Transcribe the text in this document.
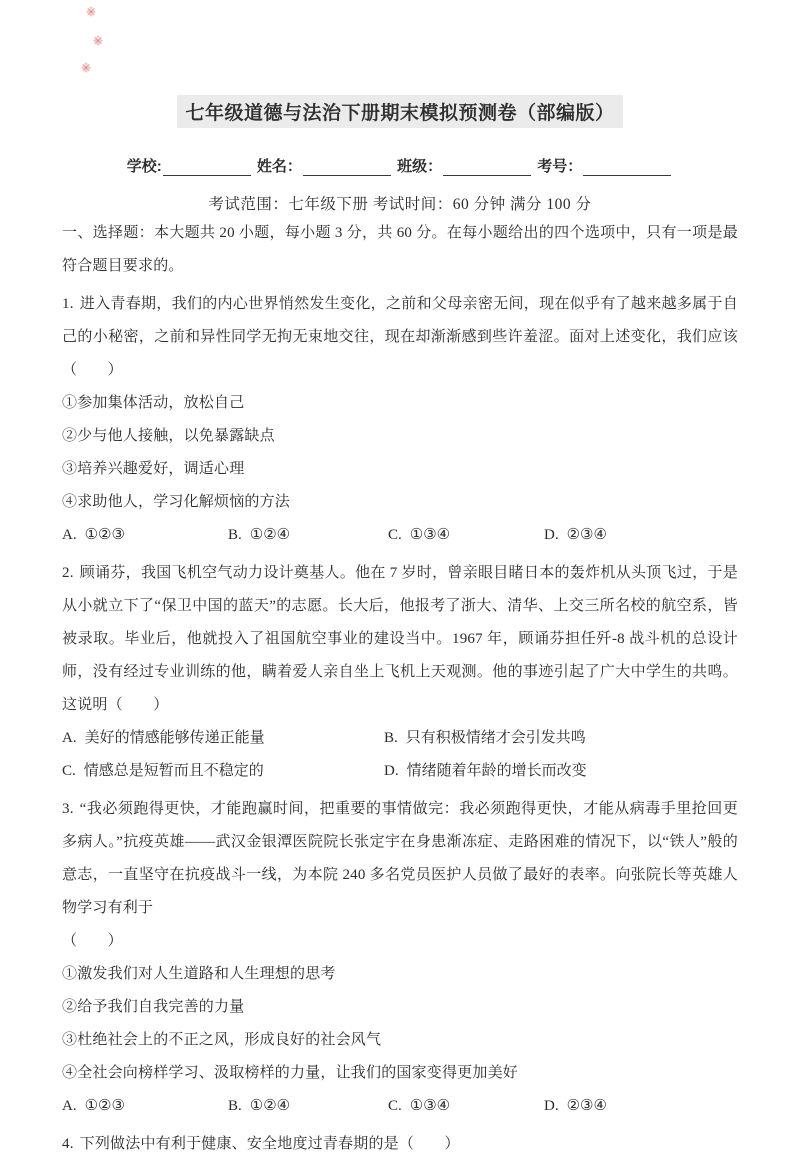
※
※
※
七年级道德与法治下册期末模拟预测卷（部编版）
学校:	姓名：	班级：	考号：
考试范围：七年级下册 考试时间：60 分钟 满分 100 分

一、选择题：本大题共 20 小题，每小题 3 分，共 60 分。在每小题给出的四个选项中，只有一项是最符合题目要求的。

1. 进入青春期，我们的内心世界悄然发生变化，之前和父母亲密无间，现在似乎有了越来越多属于自己的小秘密，之前和异性同学无拘无束地交往，现在却渐渐感到些许羞涩。面对上述变化，我们应该（　　）

①参加集体活动，放松自己

②少与他人接触，以免暴露缺点

③培养兴趣爱好，调适心理

④求助他人，学习化解烦恼的方法

A. ①②③	B. ①②④	C. ①③④	D. ②③④

2. 顾诵芬，我国飞机空气动力设计奠基人。他在 7 岁时，曾亲眼目睹日本的轰炸机从头顶飞过，于是从小就立下了“保卫中国的蓝天”的志愿。长大后，他报考了浙大、清华、上交三所名校的航空系，皆被录取。毕业后，他就投入了祖国航空事业的建设当中。1967 年，顾诵芬担任歼-8 战斗机的总设计师，没有经过专业训练的他，瞒着爱人亲自坐上飞机上天观测。他的事迹引起了广大中学生的共鸣。这说明（　　）

A. 美好的情感能够传递正能量	B. 只有积极情绪才会引发共鸣
C. 情感总是短暂而且不稳定的	D. 情绪随着年龄的增长而改变

3. “我必须跑得更快，才能跑赢时间，把重要的事情做完：我必须跑得更快，才能从病毒手里抢回更多病人。”抗疫英雄——武汉金银潭医院院长张定宇在身患渐冻症、走路困难的情况下，以“铁人”般的意志，一直坚守在抗疫战斗一线，为本院 240 多名党员医护人员做了最好的表率。向张院长等英雄人物学习有利于

（　　）

①激发我们对人生道路和人生理想的思考

②给予我们自我完善的力量

③杜绝社会上的不正之风，形成良好的社会风气

④全社会向榜样学习、汲取榜样的力量，让我们的国家变得更加美好

A. ①②③	B. ①②④	C. ①③④	D. ②③④

4. 下列做法中有利于健康、安全地度过青春期的是（　　）
